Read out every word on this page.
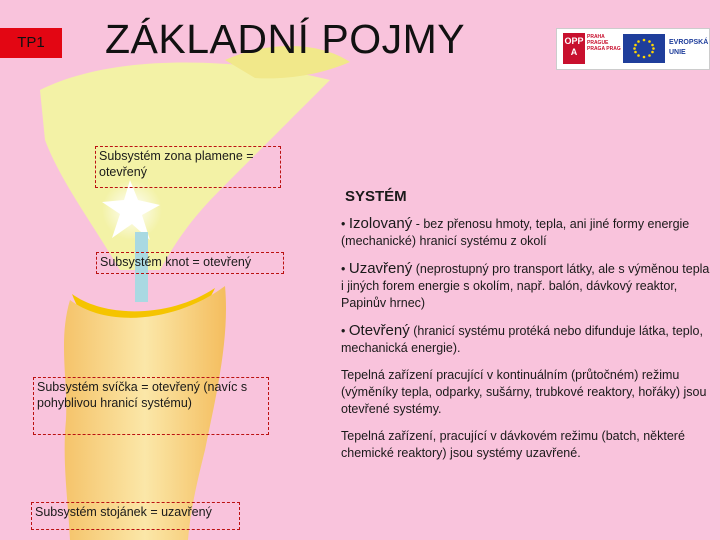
TP1	ZÁKLADNÍ POJMY	OPP
A
PRAHA PRAGUE PRAGA PRAG
EVROPSKÁ
UNIE
Subsystém zona plamene = otevřený
Subsystém knot = otevřený
Subsystém svíčka = otevřený (navíc s pohyblivou hranicí systému)
Subsystém stojánek = uzavřený
SYSTÉM
• Izolovaný - bez přenosu hmoty, tepla, ani jiné formy energie (mechanické) hranicí systému z okolí
• Uzavřený (neprostupný pro transport látky, ale s výměnou tepla i jiných forem energie s okolím, např. balón, dávkový reaktor, Papinův hrnec)
• Otevřený (hranicí systému protéká nebo difunduje látka, teplo, mechanická energie).
Tepelná zařízení pracující v kontinuálním (průtočném) režimu (výměníky tepla, odparky, sušárny, trubkové reaktory, hořáky) jsou otevřené systémy.
Tepelná zařízení, pracující v dávkovém režimu (batch, některé chemické reaktory) jsou systémy uzavřené.
